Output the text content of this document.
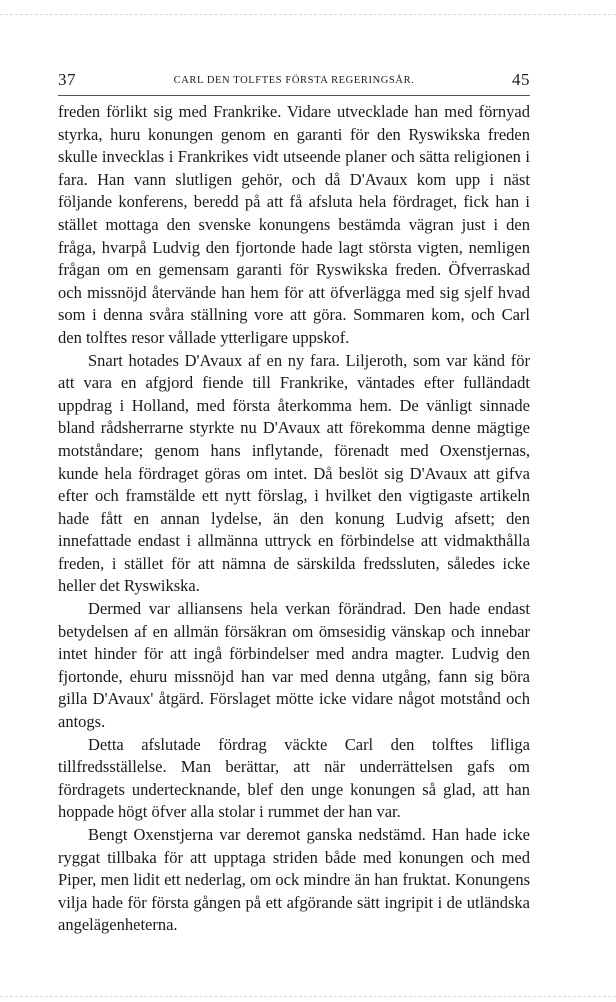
37	CARL DEN TOLFTES FÖRSTA REGERINGSÅR.	45

freden förlikt sig med Frankrike. Vidare utvecklade han med förnyad styrka, huru konungen genom en garanti för den Ryswikska freden skulle invecklas i Frankrikes vidt utseende planer och sätta religionen i fara. Han vann slutligen gehör, och då D'Avaux kom upp i näst följande konferens, beredd på att få afsluta hela fördraget, fick han i stället mottaga den svenske konungens bestämda vägran just i den fråga, hvarpå Ludvig den fjortonde hade lagt största vigten, nemligen frågan om en gemensam garanti för Ryswikska freden. Öfverraskad och missnöjd återvände han hem för att öfverlägga med sig sjelf hvad som i denna svåra ställning vore att göra. Sommaren kom, och Carl den tolftes resor vållade ytterligare uppskof.

Snart hotades D'Avaux af en ny fara. Liljeroth, som var känd för att vara en afgjord fiende till Frankrike, väntades efter fulländadt uppdrag i Holland, med första återkomma hem. De vänligt sinnade bland rådsherrarne styrkte nu D'Avaux att förekomma denne mägtige motståndare; genom hans inflytande, förenadt med Oxenstjernas, kunde hela fördraget göras om intet. Då beslöt sig D'Avaux att gifva efter och framstälde ett nytt förslag, i hvilket den vigtigaste artikeln hade fått en annan lydelse, än den konung Ludvig afsett; den innefattade endast i allmänna uttryck en förbindelse att vidmakthålla freden, i stället för att nämna de särskilda fredssluten, således icke heller det Ryswikska.

Dermed var alliansens hela verkan förändrad. Den hade endast betydelsen af en allmän försäkran om ömsesidig vänskap och innebar intet hinder för att ingå förbindelser med andra magter. Ludvig den fjortonde, ehuru missnöjd han var med denna utgång, fann sig böra gilla D'Avaux' åtgärd. Förslaget mötte icke vidare något motstånd och antogs.

Detta afslutade fördrag väckte Carl den tolftes lifliga tillfredsställelse. Man berättar, att när underrättelsen gafs om fördragets undertecknande, blef den unge konungen så glad, att han hoppade högt öfver alla stolar i rummet der han var.

Bengt Oxenstjerna var deremot ganska nedstämd. Han hade icke ryggat tillbaka för att upptaga striden både med konungen och med Piper, men lidit ett nederlag, om ock mindre än han fruktat. Konungens vilja hade för första gången på ett afgörande sätt ingripit i de utländska angelägenheterna.
